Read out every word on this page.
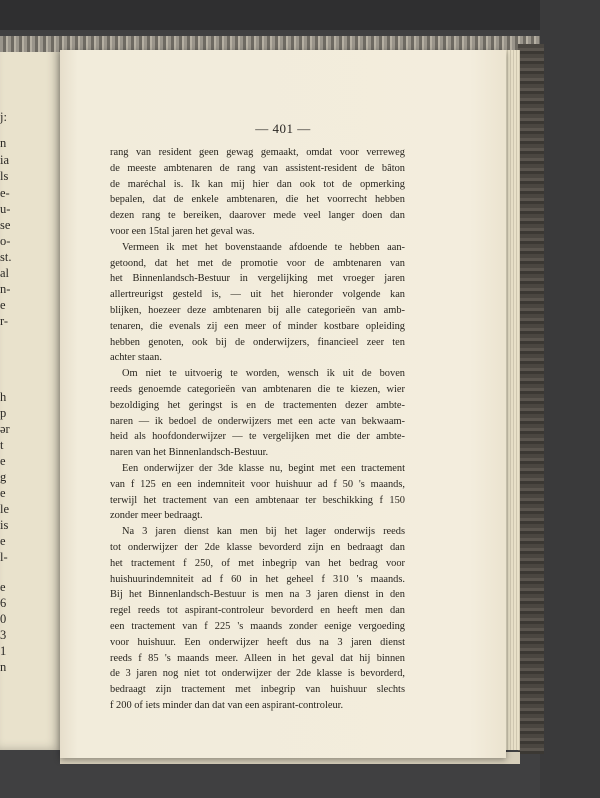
j:
n
ia
ls
e-
u-
se
o-
st.
al
n-
e
r-
h
p
ər
t
e
g
e
le
is
e
l-
e
6
0
3
1
n
— 401 —
rang van resident geen gewag gemaakt, omdat voor verreweg
de meeste ambtenaren de rang van assistent-resident de bâton
de maréchal is. Ik kan mij hier dan ook tot de opmerking
bepalen, dat de enkele ambtenaren, die het voorrecht hebben
dezen rang te bereiken, daarover mede veel langer doen dan
voor een 15tal jaren het geval was.
Vermeen ik met het bovenstaande afdoende te hebben aan-
getoond, dat het met de promotie voor de ambtenaren van
het Binnenlandsch-Bestuur in vergelijking met vroeger jaren
allertreurigst gesteld is, — uit het hieronder volgende kan
blijken, hoezeer deze ambtenaren bij alle categorieën van amb-
tenaren, die evenals zij een meer of minder kostbare opleiding
hebben genoten, ook bij de onderwijzers, financieel zeer ten
achter staan.
Om niet te uitvoerig te worden, wensch ik uit de boven
reeds genoemde categorieën van ambtenaren die te kiezen, wier
bezoldiging het geringst is en de tractementen dezer ambte-
naren — ik bedoel de onderwijzers met een acte van bekwaam-
heid als hoofdonderwijzer — te vergelijken met die der ambte-
naren van het Binnenlandsch-Bestuur.
Een onderwijzer der 3de klasse nu, begint met een tractement
van f 125 en een indemniteit voor huishuur ad f 50 's maands,
terwijl het tractement van een ambtenaar ter beschikking f 150
zonder meer bedraagt.
Na 3 jaren dienst kan men bij het lager onderwijs reeds
tot onderwijzer der 2de klasse bevorderd zijn en bedraagt dan
het tractement f 250, of met inbegrip van het bedrag voor
huishuurindemniteit ad f 60 in het geheel f 310 's maands.
Bij het Binnenlandsch-Bestuur is men na 3 jaren dienst in den
regel reeds tot aspirant-controleur bevorderd en heeft men dan
een tractement van f 225 's maands zonder eenige vergoeding
voor huishuur. Een onderwijzer heeft dus na 3 jaren dienst
reeds f 85 's maands meer. Alleen in het geval dat hij binnen
de 3 jaren nog niet tot onderwijzer der 2de klasse is bevorderd,
bedraagt zijn tractement met inbegrip van huishuur slechts
f 200 of iets minder dan dat van een aspirant-controleur.
